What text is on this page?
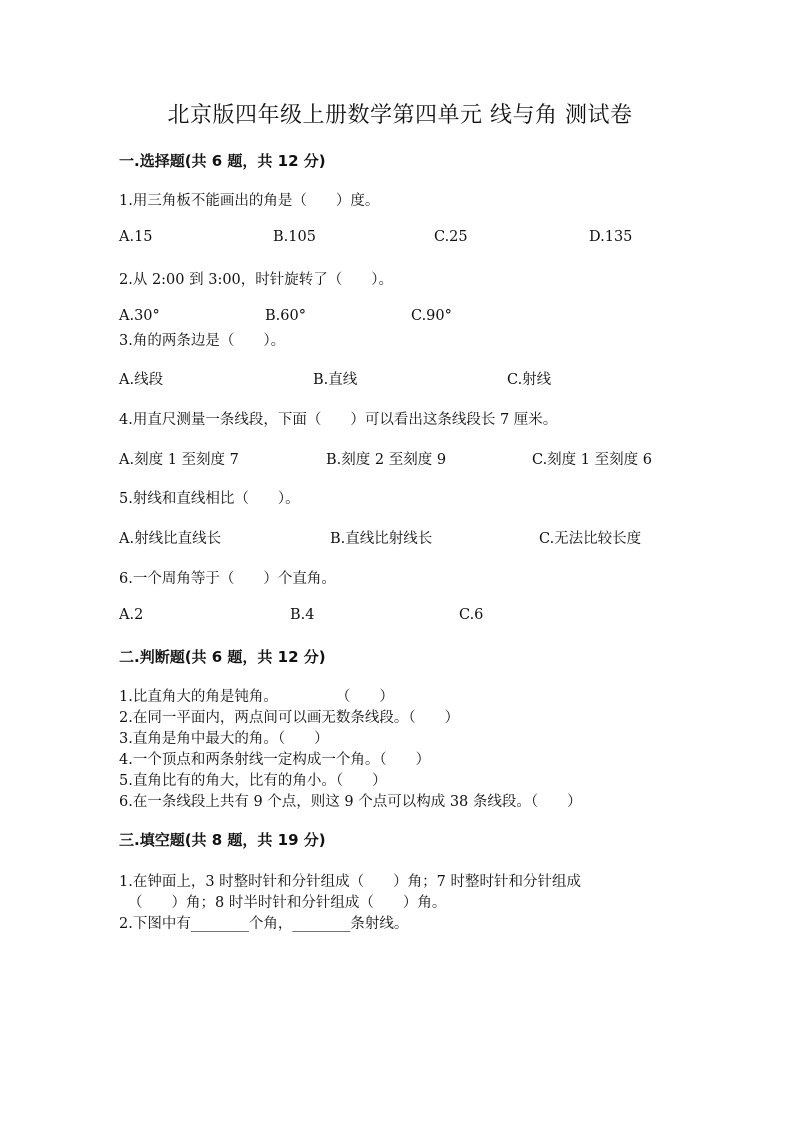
北京版四年级上册数学第四单元 线与角 测试卷
一.选择题(共 6 题，共 12 分)
1.用三角板不能画出的角是（　　）度。
A.15	B.105	C.25	D.135
2.从 2:00 到 3:00，时针旋转了（　　）。
A.30°	B.60°	C.90°
3.角的两条边是（　　）。
A.线段	B.直线	C.射线
4.用直尺测量一条线段，下面（　　）可以看出这条线段长 7 厘米。
A.刻度 1 至刻度 7	B.刻度 2 至刻度 9	C.刻度 1 至刻度 6
5.射线和直线相比（　　）。
A.射线比直线长	B.直线比射线长	C.无法比较长度
6.一个周角等于（　　）个直角。
A.2	B.4	C.6
二.判断题(共 6 题，共 12 分)
1.比直角大的角是钝角。　　　　　（　　）
2.在同一平面内，两点间可以画无数条线段。（　　）
3.直角是角中最大的角。（　　）
4.一个顶点和两条射线一定构成一个角。（　　）
5.直角比有的角大，比有的角小。（　　）
6.在一条线段上共有 9 个点，则这 9 个点可以构成 38 条线段。（　　）
三.填空题(共 8 题，共 19 分)
1.在钟面上，3 时整时针和分针组成（　　）角；7 时整时针和分针组成
（　　）角；8 时半时针和分针组成（　　）角。
2.下图中有________个角，________条射线。
